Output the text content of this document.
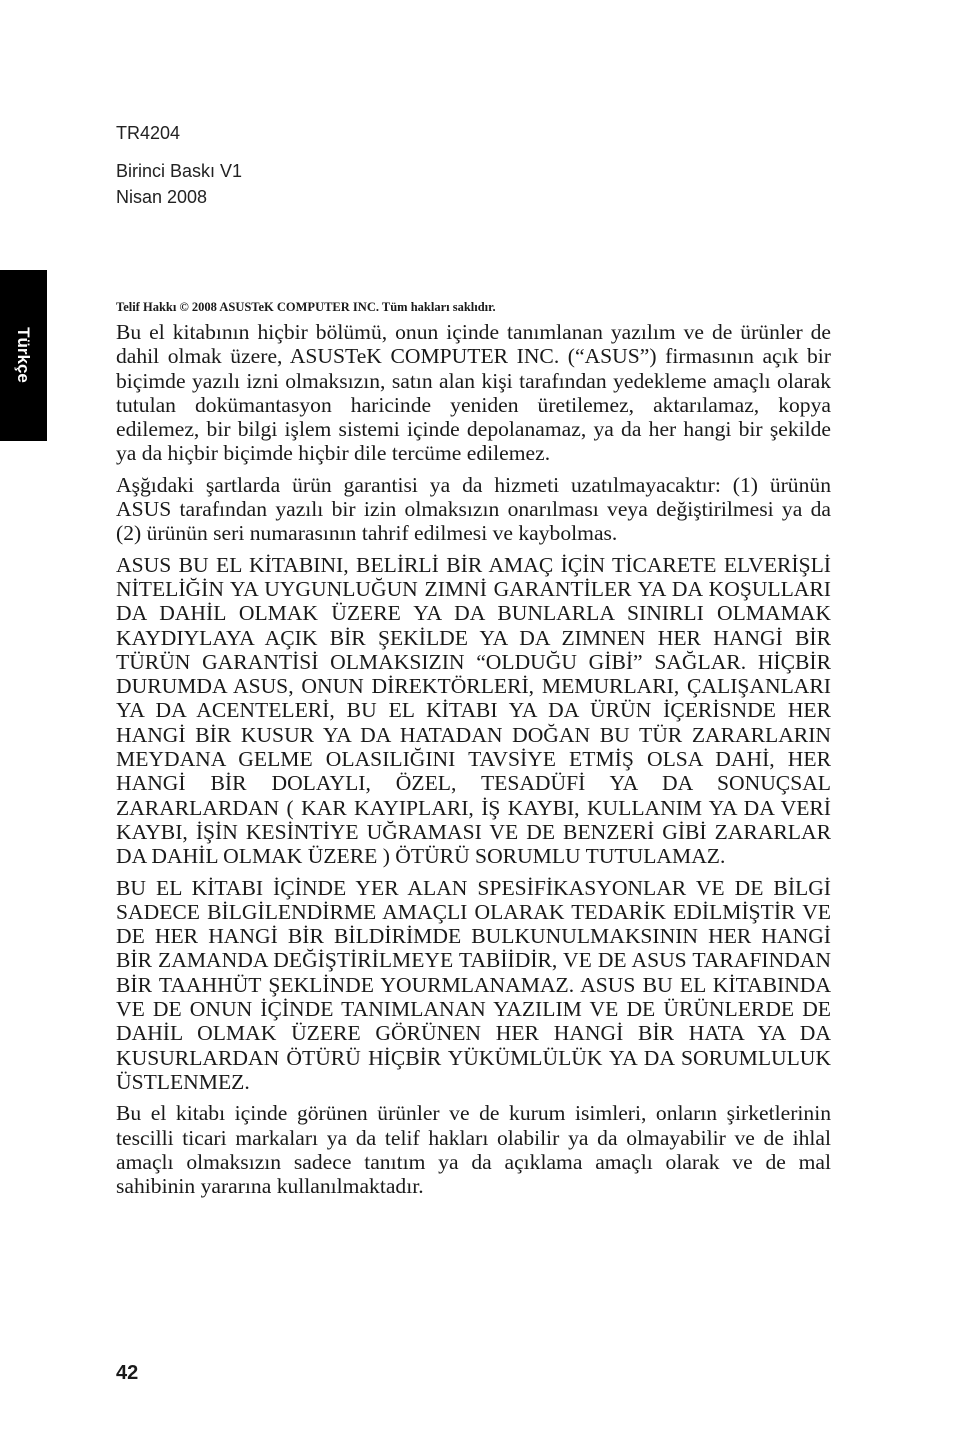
Türkçe
TR4204
Birinci Baskı V1
Nisan 2008
Telif Hakkı © 2008 ASUSTeK COMPUTER INC. Tüm hakları saklıdır.

Bu el kitabının hiçbir bölümü, onun içinde tanımlanan yazılım ve de ürünler de dahil olmak üzere, ASUSTeK COMPUTER INC. (“ASUS”) firmasının açık bir biçimde yazılı izni olmaksızın, satın alan kişi tarafından yedekleme amaçlı olarak tutulan dokümantasyon haricinde yeniden üretilemez, aktarılamaz, kopya edilemez, bir bilgi işlem sistemi içinde depolanamaz, ya da her hangi bir şekilde ya da hiçbir biçimde hiçbir dile tercüme edilemez.

Aşğıdaki şartlarda ürün garantisi ya da hizmeti uzatılmayacaktır: (1) ürünün ASUS tarafından yazılı bir izin olmaksızın onarılması veya değiştirilmesi ya da (2) ürünün seri numarasının tahrif edilmesi ve kaybolmas.

ASUS BU EL KİTABINI, BELİRLİ BİR AMAÇ İÇİN TİCARETE ELVERİŞLİ NİTELİĞİN YA UYGUNLUĞUN ZIMNİ GARANTİLER YA DA KOŞULLARI DA DAHİL OLMAK ÜZERE YA DA BUNLARLA SINIRLI OLMAMAK KAYDIYLAYA AÇIK BİR ŞEKİLDE YA DA ZIMNEN HER HANGİ BİR TÜRÜN GARANTİSİ OLMAKSIZIN “OLDUĞU GİBİ” SAĞLAR. HİÇBİR DURUMDA ASUS, ONUN DİREKTÖRLERİ, MEMURLARI, ÇALIŞANLARI YA DA ACENTELERİ, BU EL KİTABI YA DA ÜRÜN İÇERİSNDE HER HANGİ BİR KUSUR YA DA HATADAN DOĞAN BU TÜR ZARARLARIN MEYDANA GELME OLASILIĞINI TAVSİYE ETMİŞ OLSA DAHİ, HER HANGİ BİR DOLAYLI, ÖZEL, TESADÜFİ YA DA SONUÇSAL ZARARLARDAN ( KAR KAYIPLARI, İŞ KAYBI, KULLANIM YA DA VERİ KAYBI, İŞİN KESİNTİYE UĞRAMASI VE DE BENZERİ GİBİ ZARARLAR DA DAHİL OLMAK ÜZERE ) ÖTÜRÜ SORUMLU TUTULAMAZ.

BU EL KİTABI İÇİNDE YER ALAN SPESİFİKASYONLAR VE DE BİLGİ SADECE BİLGİLENDİRME AMAÇLI OLARAK TEDARİK EDİLMİŞTİR VE DE HER HANGİ BİR BİLDİRİMDE BULKUNULMAKSININ HER HANGİ BİR ZAMANDA DEĞİŞTİRİLMEYE TABİİDİR, VE DE ASUS TARAFINDAN BİR TAAHHÜT ŞEKLİNDE YOURMLANAMAZ. ASUS BU EL KİTABINDA VE DE ONUN İÇİNDE TANIMLANAN YAZILIM VE DE ÜRÜNLERDE DE DAHİL OLMAK ÜZERE GÖRÜNEN HER HANGİ BİR HATA YA DA KUSURLARDAN ÖTÜRÜ HİÇBİR YÜKÜMLÜLÜK YA DA SORUMLULUK ÜSTLENMEZ.

Bu el kitabı içinde görünen ürünler ve de kurum isimleri, onların şirketlerinin tescilli ticari markaları ya da telif hakları olabilir ya da olmayabilir ve de ihlal amaçlı olmaksızın sadece tanıtım ya da açıklama amaçlı olarak ve de mal sahibinin yararına kullanılmaktadır.

42
